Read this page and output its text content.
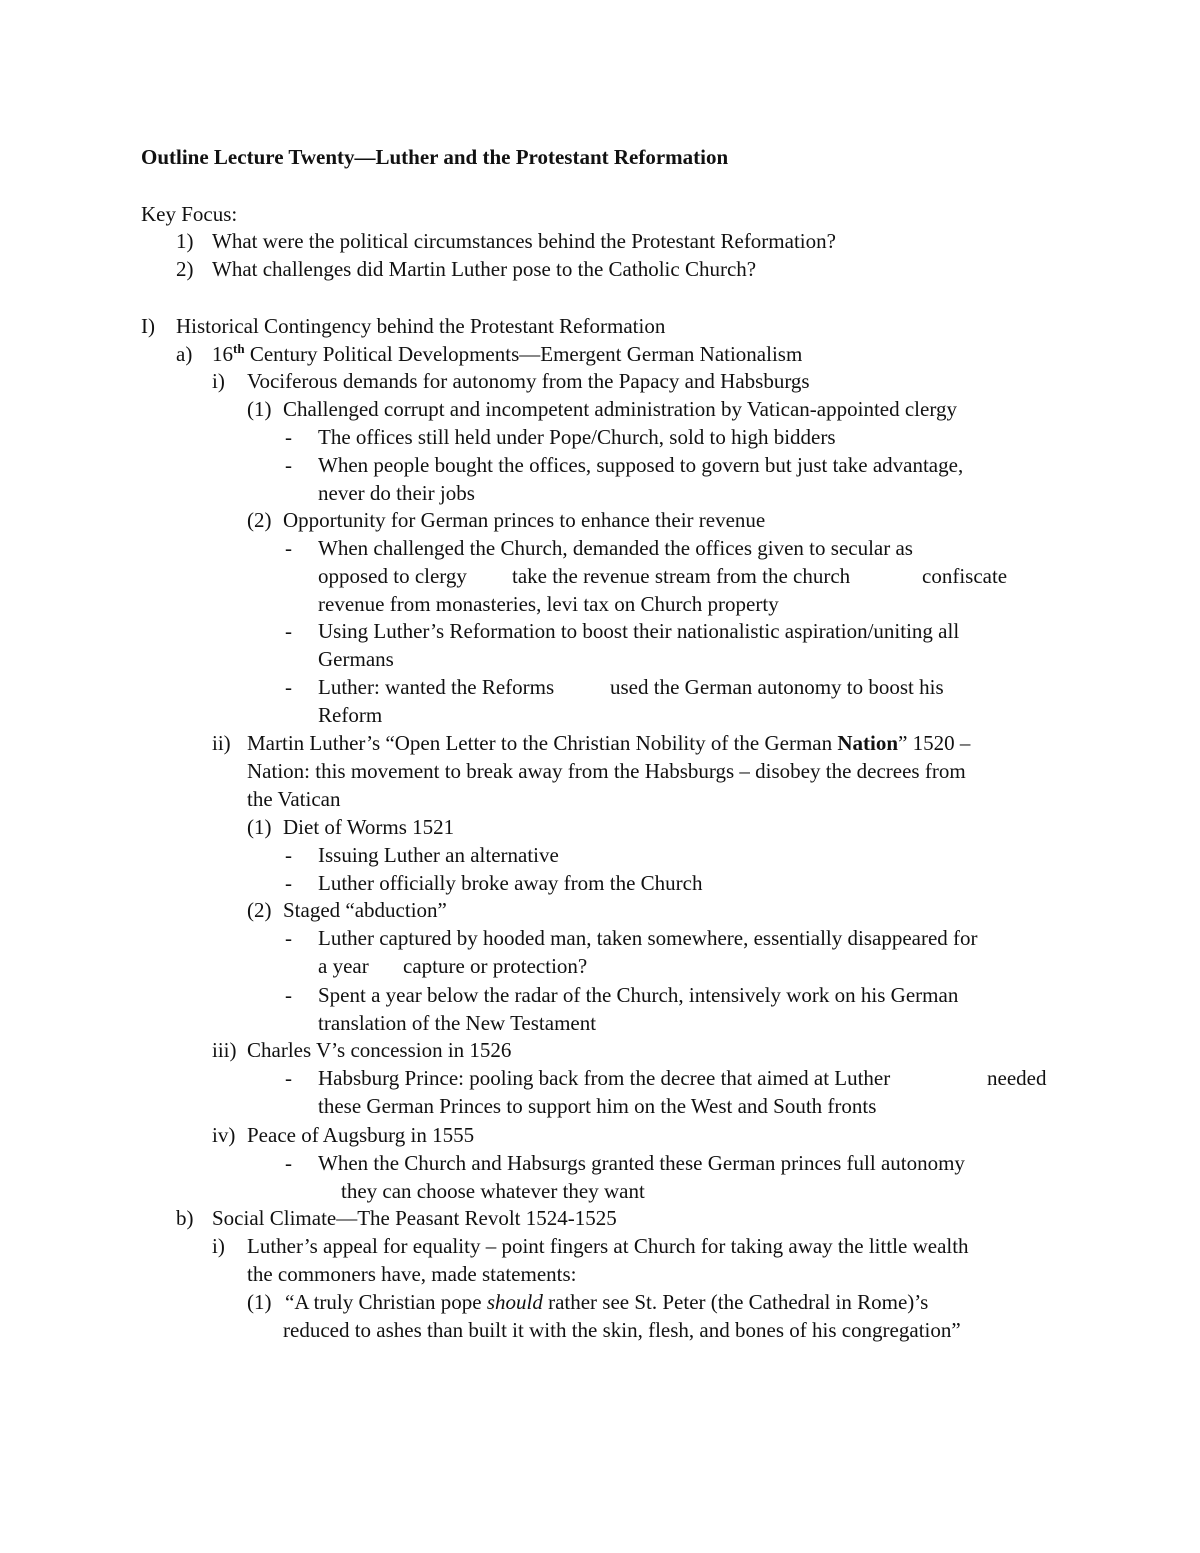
Outline Lecture Twenty—Luther and the Protestant Reformation
Key Focus:
1) What were the political circumstances behind the Protestant Reformation?
2) What challenges did Martin Luther pose to the Catholic Church?
I) Historical Contingency behind the Protestant Reformation
a) 16th Century Political Developments—Emergent German Nationalism
i) Vociferous demands for autonomy from the Papacy and Habsburgs
(1) Challenged corrupt and incompetent administration by Vatican-appointed clergy
- The offices still held under Pope/Church, sold to high bidders
- When people bought the offices, supposed to govern but just take advantage,
never do their jobs
(2) Opportunity for German princes to enhance their revenue
- When challenged the Church, demanded the offices given to secular as
opposed to clergy take the revenue stream from the church	confiscate
revenue from monasteries, levi tax on Church property
- Using Luther’s Reformation to boost their nationalistic aspiration/uniting all
Germans
- Luther: wanted the Reforms	used the German autonomy to boost his
Reform
ii) Martin Luther’s “Open Letter to the Christian Nobility of the German Nation” 1520 –
Nation: this movement to break away from the Habsburgs – disobey the decrees from
the Vatican
(1) Diet of Worms 1521
- Issuing Luther an alternative
- Luther officially broke away from the Church
(2) Staged “abduction”
- Luther captured by hooded man, taken somewhere, essentially disappeared for
a year capture or protection?
- Spent a year below the radar of the Church, intensively work on his German
translation of the New Testament
iii) Charles V’s concession in 1526
- Habsburg Prince: pooling back from the decree that aimed at Luther	needed
these German Princes to support him on the West and South fronts
iv) Peace of Augsburg in 1555
- When the Church and Habsurgs granted these German princes full autonomy
they can choose whatever they want
b) Social Climate—The Peasant Revolt 1524-1525
i) Luther’s appeal for equality – point fingers at Church for taking away the little wealth
the commoners have, made statements:
(1) “A truly Christian pope should rather see St. Peter (the Cathedral in Rome)’s
reduced to ashes than built it with the skin, flesh, and bones of his congregation”
